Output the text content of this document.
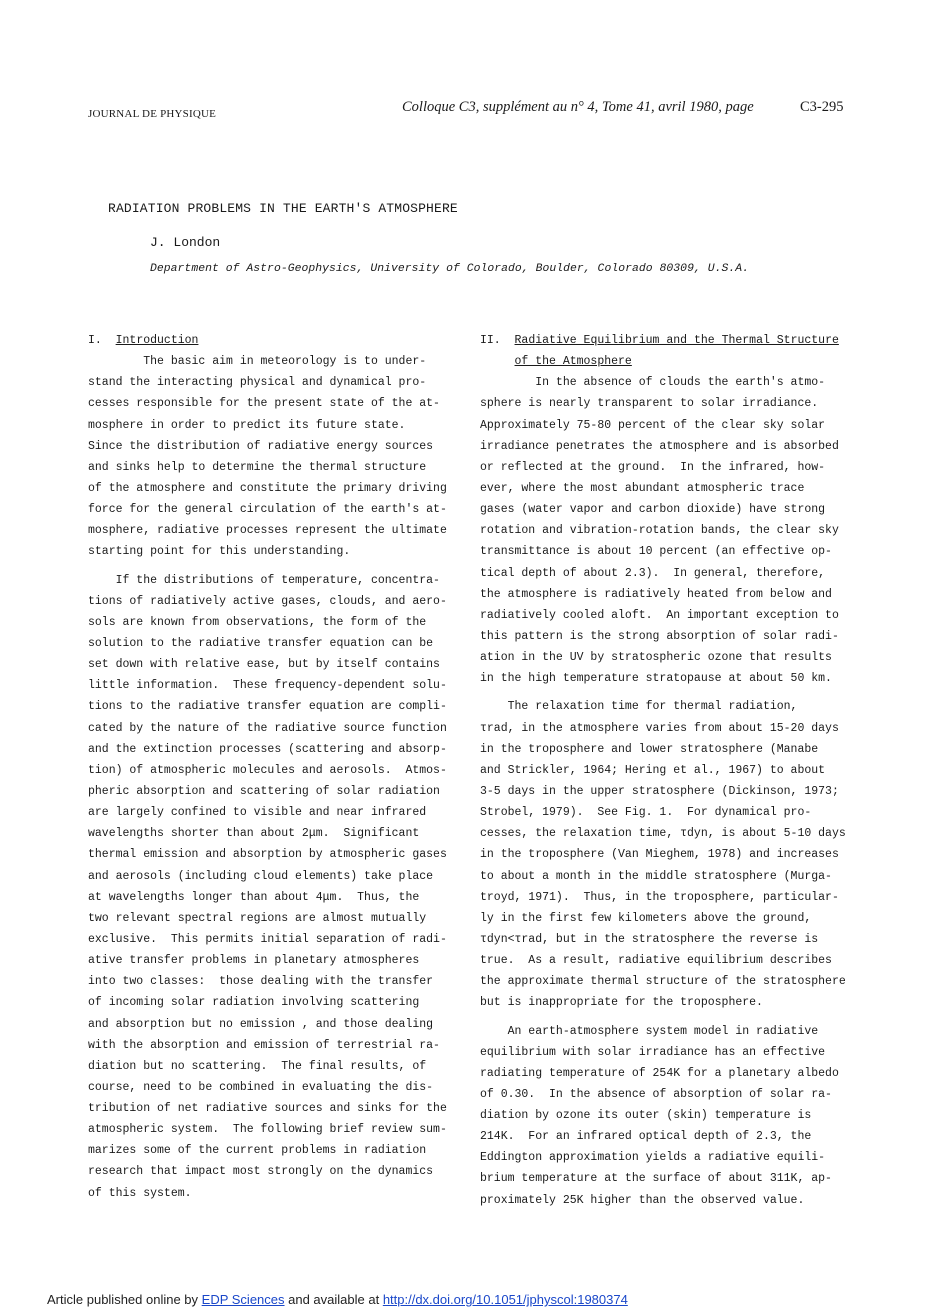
JOURNAL DE PHYSIQUE	Colloque C3, supplément au n° 4, Tome 41, avril 1980, page	C3-295
RADIATION PROBLEMS IN THE EARTH'S ATMOSPHERE
J. London
Department of Astro-Geophysics, University of Colorado, Boulder, Colorado 80309, U.S.A.
I. Introduction
The basic aim in meteorology is to under-
stand the interacting physical and dynamical pro-
cesses responsible for the present state of the at-
mosphere in order to predict its future state.
Since the distribution of radiative energy sources
and sinks help to determine the thermal structure
of the atmosphere and constitute the primary driving
force for the general circulation of the earth's at-
mosphere, radiative processes represent the ultimate
starting point for this understanding.
If the distributions of temperature, concentra-
tions of radiatively active gases, clouds, and aero-
sols are known from observations, the form of the
solution to the radiative transfer equation can be
set down with relative ease, but by itself contains
little information.  These frequency-dependent solu-
tions to the radiative transfer equation are compli-
cated by the nature of the radiative source function
and the extinction processes (scattering and absorp-
tion) of atmospheric molecules and aerosols.  Atmos-
pheric absorption and scattering of solar radiation
are largely confined to visible and near infrared
wavelengths shorter than about 2μm.  Significant
thermal emission and absorption by atmospheric gases
and aerosols (including cloud elements) take place
at wavelengths longer than about 4μm.  Thus, the
two relevant spectral regions are almost mutually
exclusive.  This permits initial separation of radi-
ative transfer problems in planetary atmospheres
into two classes:  those dealing with the transfer
of incoming solar radiation involving scattering
and absorption but no emission , and those dealing
with the absorption and emission of terrestrial ra-
diation but no scattering.  The final results, of
course, need to be combined in evaluating the dis-
tribution of net radiative sources and sinks for the
atmospheric system.  The following brief review sum-
marizes some of the current problems in radiation
research that impact most strongly on the dynamics
of this system.
II. Radiative Equilibrium and the Thermal Structure
of the Atmosphere
In the absence of clouds the earth's atmo-
sphere is nearly transparent to solar irradiance.
Approximately 75-80 percent of the clear sky solar
irradiance penetrates the atmosphere and is absorbed
or reflected at the ground.  In the infrared, how-
ever, where the most abundant atmospheric trace
gases (water vapor and carbon dioxide) have strong
rotation and vibration-rotation bands, the clear sky
transmittance is about 10 percent (an effective op-
tical depth of about 2.3).  In general, therefore,
the atmosphere is radiatively heated from below and
radiatively cooled aloft.  An important exception to
this pattern is the strong absorption of solar radi-
ation in the UV by stratospheric ozone that results
in the high temperature stratopause at about 50 km.
The relaxation time for thermal radiation,
τrad, in the atmosphere varies from about 15-20 days
in the troposphere and lower stratosphere (Manabe
and Strickler, 1964; Hering et al., 1967) to about
3-5 days in the upper stratosphere (Dickinson, 1973;
Strobel, 1979).  See Fig. 1.  For dynamical pro-
cesses, the relaxation time, τdyn, is about 5-10 days
in the troposphere (Van Mieghem, 1978) and increases
to about a month in the middle stratosphere (Murga-
troyd, 1971).  Thus, in the troposphere, particular-
ly in the first few kilometers above the ground,
τdyn<τrad, but in the stratosphere the reverse is
true.  As a result, radiative equilibrium describes
the approximate thermal structure of the stratosphere
but is inappropriate for the troposphere.
An earth-atmosphere system model in radiative
equilibrium with solar irradiance has an effective
radiating temperature of 254K for a planetary albedo
of 0.30.  In the absence of absorption of solar ra-
diation by ozone its outer (skin) temperature is
214K.  For an infrared optical depth of 2.3, the
Eddington approximation yields a radiative equili-
brium temperature at the surface of about 311K, ap-
proximately 25K higher than the observed value.
Article published online by EDP Sciences and available at http://dx.doi.org/10.1051/jphyscol:1980374
